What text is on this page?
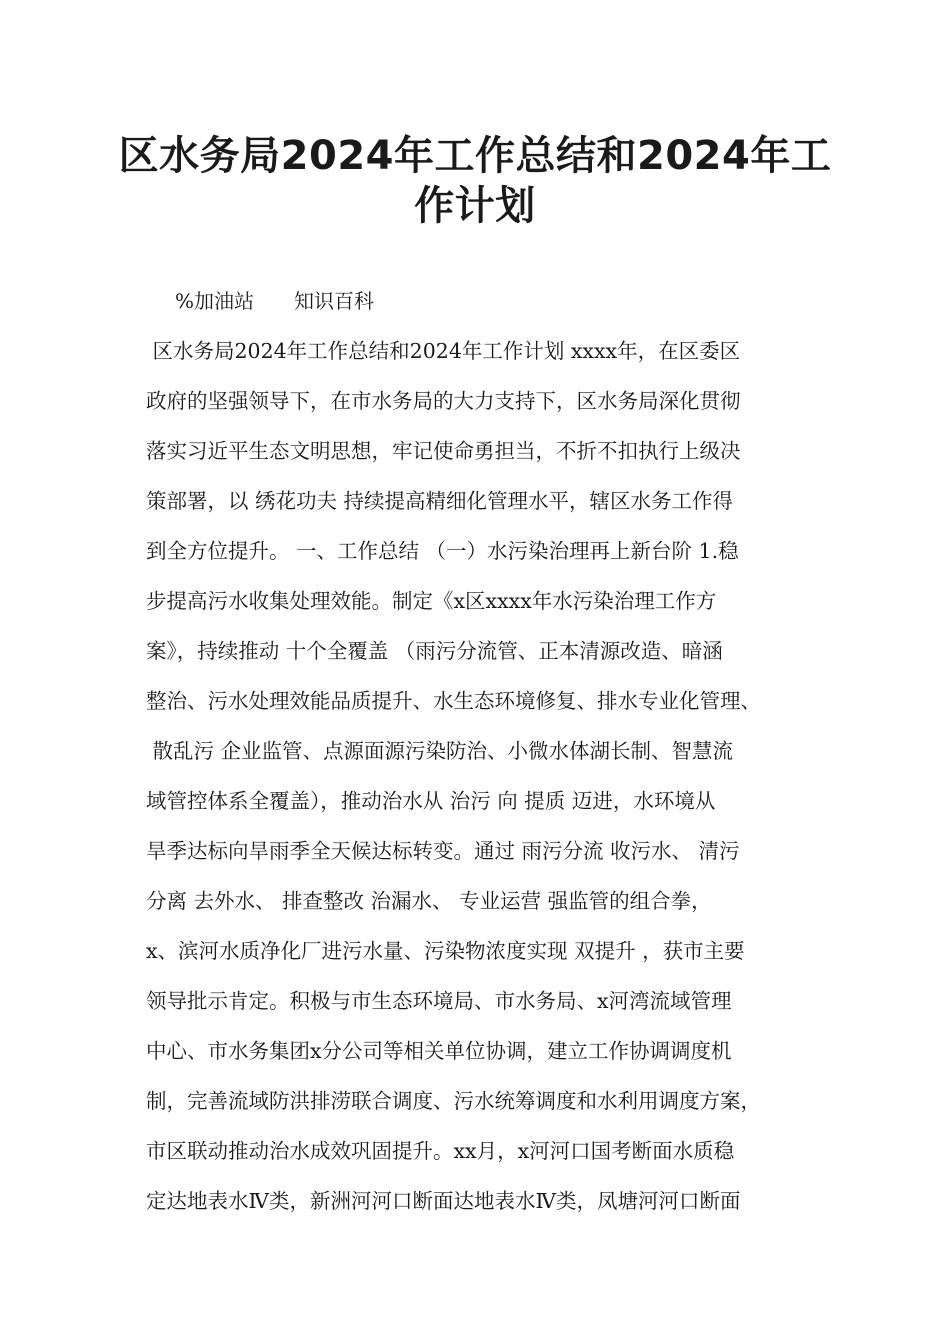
区水务局2024年工作总结和2024年工
作计划
%加油站　　知识百科
区水务局2024年工作总结和2024年工作计划 xxxx年，在区委区
政府的坚强领导下，在市水务局的大力支持下，区水务局深化贯彻
落实习近平生态文明思想，牢记使命勇担当，不折不扣执行上级决
策部署，以 绣花功夫 持续提高精细化管理水平，辖区水务工作得
到全方位提升。 一、工作总结 （一）水污染治理再上新台阶 1.稳
步提高污水收集处理效能。制定《x区xxxx年水污染治理工作方
案》，持续推动 十个全覆盖 （雨污分流管、正本清源改造、暗涵
整治、污水处理效能品质提升、水生态环境修复、排水专业化管理、
散乱污 企业监管、点源面源污染防治、小微水体湖长制、智慧流
域管控体系全覆盖），推动治水从 治污 向 提质 迈进，水环境从
旱季达标向旱雨季全天候达标转变。通过 雨污分流 收污水、 清污
分离 去外水、 排查整改 治漏水、 专业运营 强监管的组合拳，
x、滨河水质净化厂进污水量、污染物浓度实现 双提升 ，获市主要
领导批示肯定。积极与市生态环境局、市水务局、x河湾流域管理
中心、市水务集团x分公司等相关单位协调，建立工作协调调度机
制，完善流域防洪排涝联合调度、污水统筹调度和水利用调度方案，
市区联动推动治水成效巩固提升。xx月，x河河口国考断面水质稳
定达地表水Ⅳ类，新洲河河口断面达地表水Ⅳ类，凤塘河河口断面
